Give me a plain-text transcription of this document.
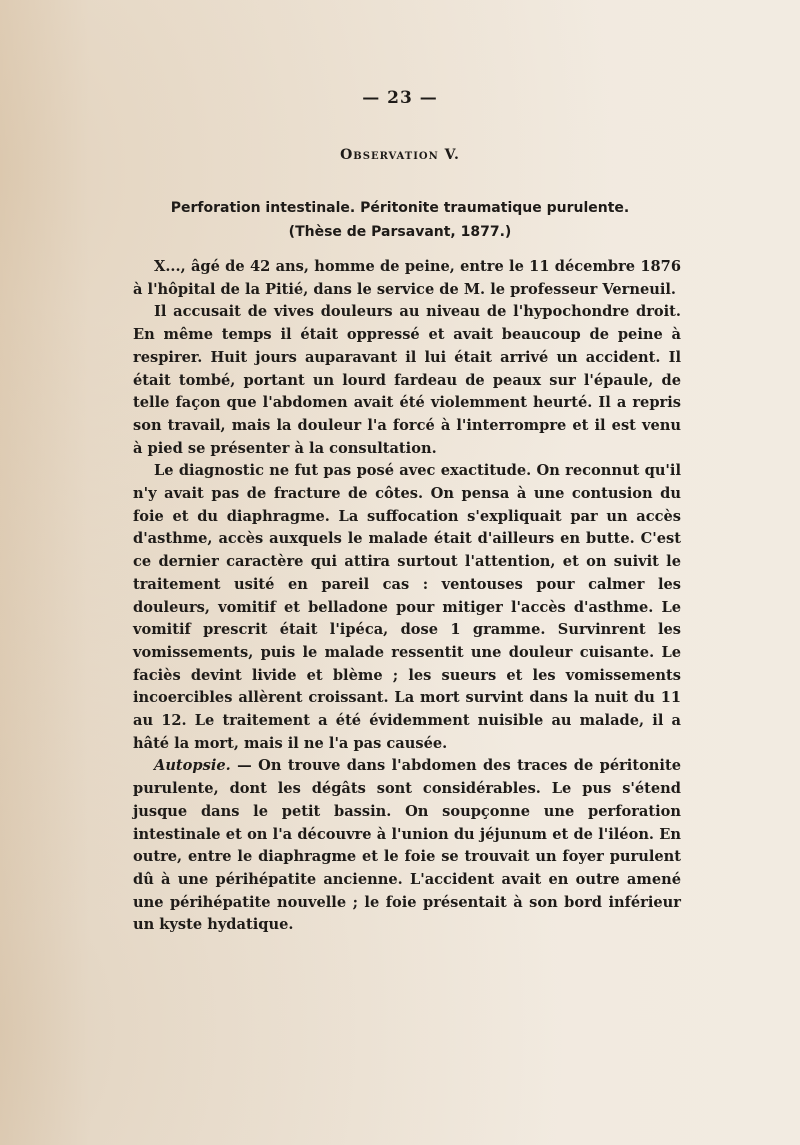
— 23 —
Observation V.
Perforation intestinale. Péritonite traumatique purulente.
(Thèse de Parsavant, 1877.)

X..., âgé de 42 ans, homme de peine, entre le 11 décembre 1876 à l'hôpital de la Pitié, dans le service de M. le professeur Verneuil.

Il accusait de vives douleurs au niveau de l'hypochondre droit. En même temps il était oppressé et avait beaucoup de peine à respirer. Huit jours auparavant il lui était arrivé un accident. Il était tombé, portant un lourd fardeau de peaux sur l'épaule, de telle façon que l'abdomen avait été violemment heurté. Il a repris son travail, mais la douleur l'a forcé à l'interrompre et il est venu à pied se présenter à la consultation.

Le diagnostic ne fut pas posé avec exactitude. On reconnut qu'il n'y avait pas de fracture de côtes. On pensa à une contusion du foie et du diaphragme. La suffocation s'expliquait par un accès d'asthme, accès auxquels le malade était d'ailleurs en butte. C'est ce dernier caractère qui attira surtout l'attention, et on suivit le traitement usité en pareil cas : ventouses pour calmer les douleurs, vomitif et belladone pour mitiger l'accès d'asthme. Le vomitif prescrit était l'ipéca, dose 1 gramme. Survinrent les vomissements, puis le malade ressentit une douleur cuisante. Le faciès devint livide et blème ; les sueurs et les vomissements incoercibles allèrent croissant. La mort survint dans la nuit du 11 au 12. Le traitement a été évidemment nuisible au malade, il a hâté la mort, mais il ne l'a pas causée.

Autopsie. — On trouve dans l'abdomen des traces de péritonite purulente, dont les dégâts sont considérables. Le pus s'étend jusque dans le petit bassin. On soupçonne une perforation intestinale et on l'a découvre à l'union du jéjunum et de l'iléon. En outre, entre le diaphragme et le foie se trouvait un foyer purulent dû à une périhépatite ancienne. L'accident avait en outre amené une périhépatite nouvelle ; le foie présentait à son bord inférieur un kyste hydatique.
